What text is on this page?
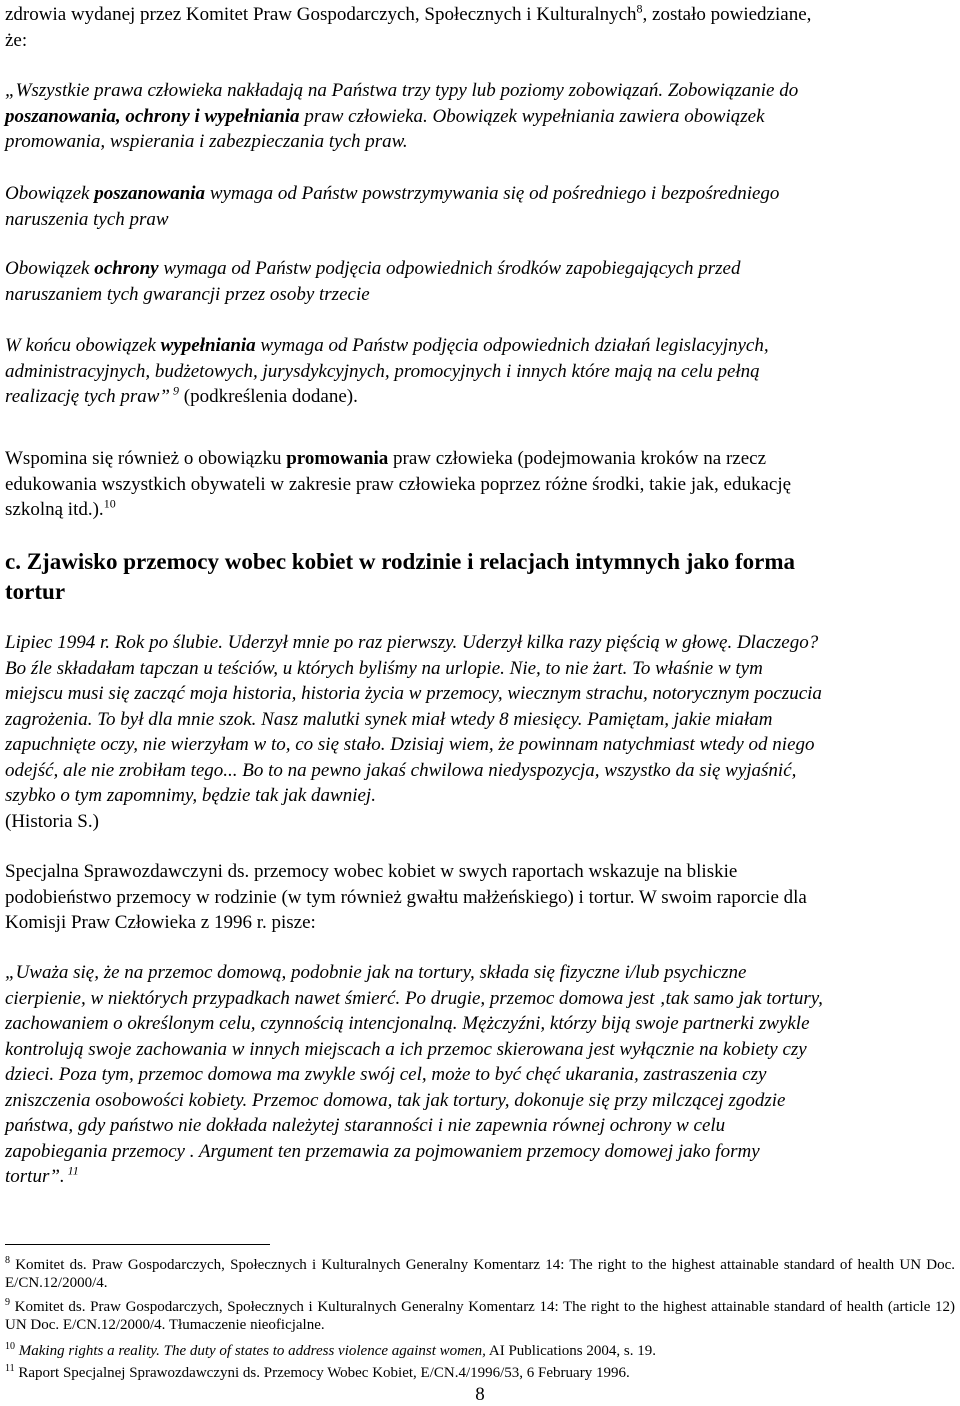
zdrowia wydanej przez Komitet Praw Gospodarczych, Społecznych i Kulturalnych$^8$, zostało powiedziane,

że:

„Wszystkie prawa człowieka nakładają na Państwa trzy typy lub poziomy zobowiązań. Zobowiązanie do

poszanowania, ochrony i wypełniania praw człowieka. Obowiązek wypełniania zawiera obowiązek

promowania, wspierania i zabezpieczania tych praw.

Obowiązek poszanowania wymaga od Państw powstrzymywania się od pośredniego i bezpośredniego

naruszenia tych praw

Obowiązek ochrony wymaga od Państw podjęcia odpowiednich środków zapobiegających przed

naruszaniem tych gwarancji przez osoby trzecie

W końcu obowiązek wypełniania wymaga od Państw podjęcia odpowiednich działań legislacyjnych,

administracyjnych, budżetowych, jurysdykcyjnych, promocyjnych i innych które mają na celu pełną

realizację tych praw” $^9$ (podkreślenia dodane).

Wspomina się również o obowiązku promowania praw człowieka (podejmowania kroków na rzecz

edukowania wszystkich obywateli w zakresie praw człowieka poprzez różne środki, takie jak, edukację

szkolną itd.).$^{10}$

c. Zjawisko przemocy wobec kobiet w rodzinie i relacjach intymnych jako forma

tortur

Lipiec 1994 r. Rok po ślubie. Uderzył mnie po raz pierwszy. Uderzył kilka razy pięścią w głowę. Dlaczego?

Bo źle składałam tapczan u teściów, u których byliśmy na urlopie. Nie, to nie żart. To właśnie w tym

miejscu musi się zacząć moja historia, historia życia w przemocy, wiecznym strachu, notorycznym poczucia

zagrożenia. To był dla mnie szok. Nasz malutki synek miał wtedy 8 miesięcy. Pamiętam, jakie miałam

zapuchnięte oczy, nie wierzyłam w to, co się stało. Dzisiaj wiem, że powinnam natychmiast wtedy od niego

odejść, ale nie zrobiłam tego... Bo to na pewno jakaś chwilowa niedyspozycja, wszystko da się wyjaśnić,

szybko o tym zapomnimy, będzie tak jak dawniej.

(Historia S.)

Specjalna Sprawozdawczyni ds. przemocy wobec kobiet w swych raportach wskazuje na bliskie

podobieństwo przemocy w rodzinie (w tym również gwałtu małżeńskiego) i tortur. W swoim raporcie dla

Komisji Praw Człowieka z 1996 r. pisze:

„Uważa się, że na przemoc domową, podobnie jak na tortury, składa się fizyczne i/lub psychiczne

cierpienie, w niektórych przypadkach nawet śmierć. Po drugie, przemoc domowa jest ‚tak samo jak tortury,

zachowaniem o określonym celu, czynnością intencjonalną. Mężczyźni, którzy biją swoje partnerki zwykle

kontrolują swoje zachowania w innych miejscach a ich przemoc skierowana jest wyłącznie na kobiety czy

dzieci. Poza tym, przemoc domowa ma zwykle swój cel, może to być chęć ukarania, zastraszenia czy

zniszczenia osobowości kobiety. Przemoc domowa, tak jak tortury, dokonuje się przy milczącej zgodzie

państwa, gdy państwo nie dokłada należytej staranności i nie zapewnia równej ochrony w celu

zapobiegania przemocy . Argument ten przemawia za pojmowaniem przemocy domowej jako formy

tortur”. $^{11}$

$^8$ Komitet ds. Praw Gospodarczych, Społecznych i Kulturalnych Generalny Komentarz 14: The right to the highest attainable standard of health UN Doc. E/CN.12/2000/4.

$^9$ Komitet ds. Praw Gospodarczych, Społecznych i Kulturalnych Generalny Komentarz 14: The right to the highest attainable standard of health (article 12) UN Doc. E/CN.12/2000/4. Tłumaczenie nieoficjalne.

$^{10}$ Making rights a reality. The duty of states to address violence against women, AI Publications 2004, s. 19.

$^{11}$ Raport Specjalnej Sprawozdawczyni ds. Przemocy Wobec Kobiet, E/CN.4/1996/53, 6 February 1996.

8
